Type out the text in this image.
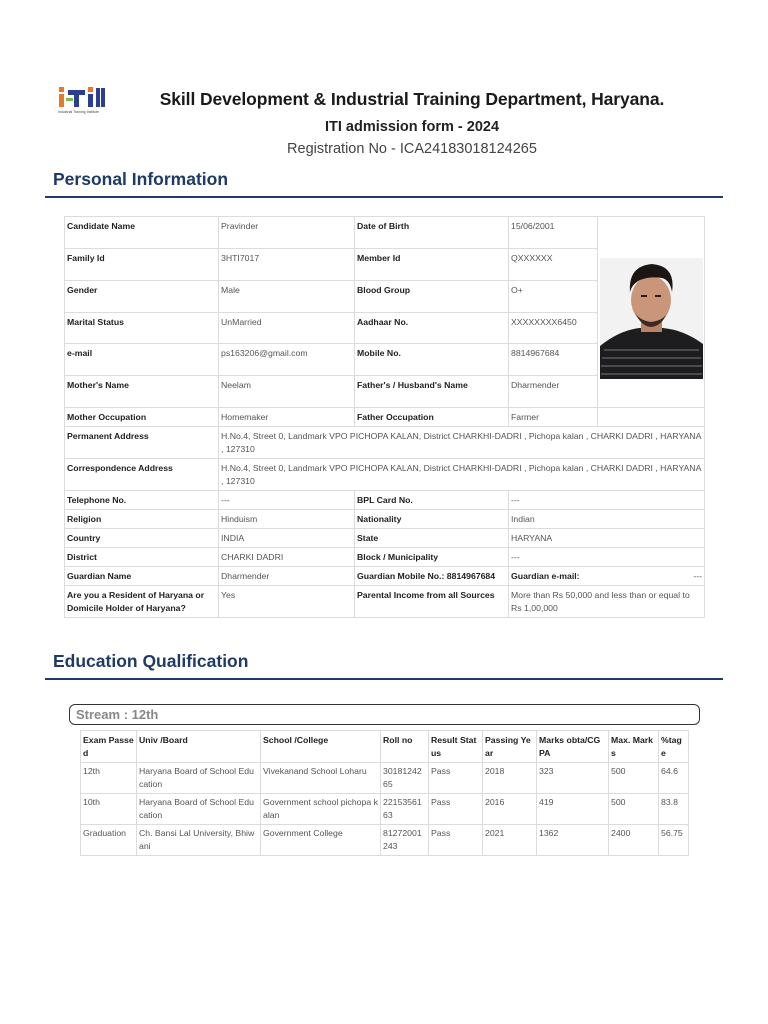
Industrial Training Institute
Skill Development & Industrial Training Department, Haryana.
ITI admission form - 2024
Registration No - ICA24183018124265
Personal Information
Candidate Name	Pravinder	Date of Birth	15/06/2001	

Family Id	3HTI7017	Member Id	QXXXXXX	
Gender	Male	Blood Group	O+	
Marital Status	UnMarried	Aadhaar No.	XXXXXXXX6450	
e-mail	ps163206@gmail.com	Mobile No.	8814967684	
Mother's Name	Neelam	Father's / Husband's Name	Dharmender	
Mother Occupation	Homemaker	Father Occupation	Farmer	
Permanent Address	H.No.4, Street 0, Landmark VPO PICHOPA KALAN, District CHARKHI-DADRI , Pichopa kalan , CHARKI DADRI , HARYANA , 127310			
Correspondence Address	H.No.4, Street 0, Landmark VPO PICHOPA KALAN, District CHARKHI-DADRI , Pichopa kalan , CHARKI DADRI , HARYANA , 127310			
Telephone No.	---	BPL Card No.	---	
Religion	Hinduism	Nationality	Indian	
Country	INDIA	State	HARYANA	
District	CHARKI DADRI	Block / Municipality	---	
Guardian Name	Dharmender	Guardian Mobile No.: 8814967684	Guardian e-mail: ---	

Are you a Resident of Haryana or Domicile Holder of Haryana?	Yes	Parental Income from all Sources	More than Rs 50,000 and less than or equal to Rs 1,00,000	
Education Qualification
Stream : 12th
Exam Passed	Univ /Board	School /College	Roll no	Result Status	Passing Year	Marks obta/CGPA	Max. Marks	%tage
12th	Haryana Board of School Education	Vivekanand School Loharu	3018124265	Pass	2018	323	500	64.6
10th	Haryana Board of School Education	Government school pichopa kalan	2215356163	Pass	2016	419	500	83.8
Graduation	Ch. Bansi Lal University, Bhiwani	Government College	81272001243	Pass	2021	1362	2400	56.75
